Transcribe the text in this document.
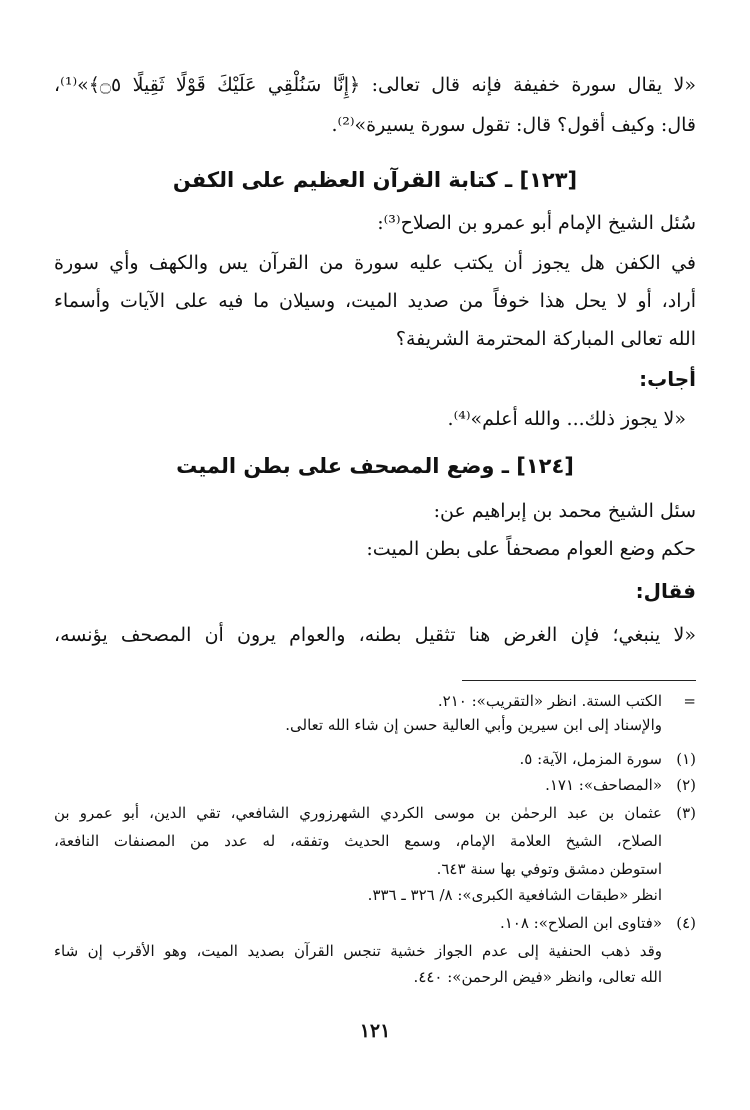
«لا يقال سورة خفيفة فإنه قال تعالى: ﴿إِنَّا سَنُلْقِي عَلَيْكَ قَوْلًا ثَقِيلًا ۝٥﴾»⁽¹⁾،
قال: وكيف أقول؟ قال: تقول سورة يسيرة»⁽²⁾.
[١٢٣] ـ كتابة القرآن العظيم على الكفن
سُئل الشيخ الإمام أبو عمرو بن الصلاح⁽³⁾:
في الكفن هل يجوز أن يكتب عليه سورة من القرآن يس والكهف وأي سورة
أراد، أو لا يحل هذا خوفاً من صديد الميت، وسيلان ما فيه على الآيات وأسماء
الله تعالى المباركة المحترمة الشريفة؟
أجاب:
«لا يجوز ذلك... والله أعلم»⁽⁴⁾.
[١٢٤] ـ وضع المصحف على بطن الميت
سئل الشيخ محمد بن إبراهيم عن:
حكم وضع العوام مصحفاً على بطن الميت:
فقال:
«لا ينبغي؛ فإن الغرض هنا تثقيل بطنه، والعوام يرون أن المصحف يؤنسه،
=الكتب الستة. انظر «التقريب»: ٢١٠.
والإسناد إلى ابن سيرين وأبي العالية حسن إن شاء الله تعالى.
(١)سورة المزمل، الآية: ٥.
(٢)«المصاحف»: ١٧١.
(٣)عثمان بن عبد الرحمٰن بن موسى الكردي الشهرزوري الشافعي، تقي الدين، أبو عمرو بن
الصلاح، الشيخ العلامة الإمام، وسمع الحديث وتفقه، له عدد من المصنفات النافعة،
استوطن دمشق وتوفي بها سنة ٦٤٣.
انظر «طبقات الشافعية الكبرى»: ٨/ ٣٢٦ ـ ٣٣٦.
(٤)«فتاوى ابن الصلاح»: ١٠٨.
وقد ذهب الحنفية إلى عدم الجواز خشية تنجس القرآن بصديد الميت، وهو الأقرب إن شاء
الله تعالى، وانظر «فيض الرحمن»: ٤٤٠.
١٢١
